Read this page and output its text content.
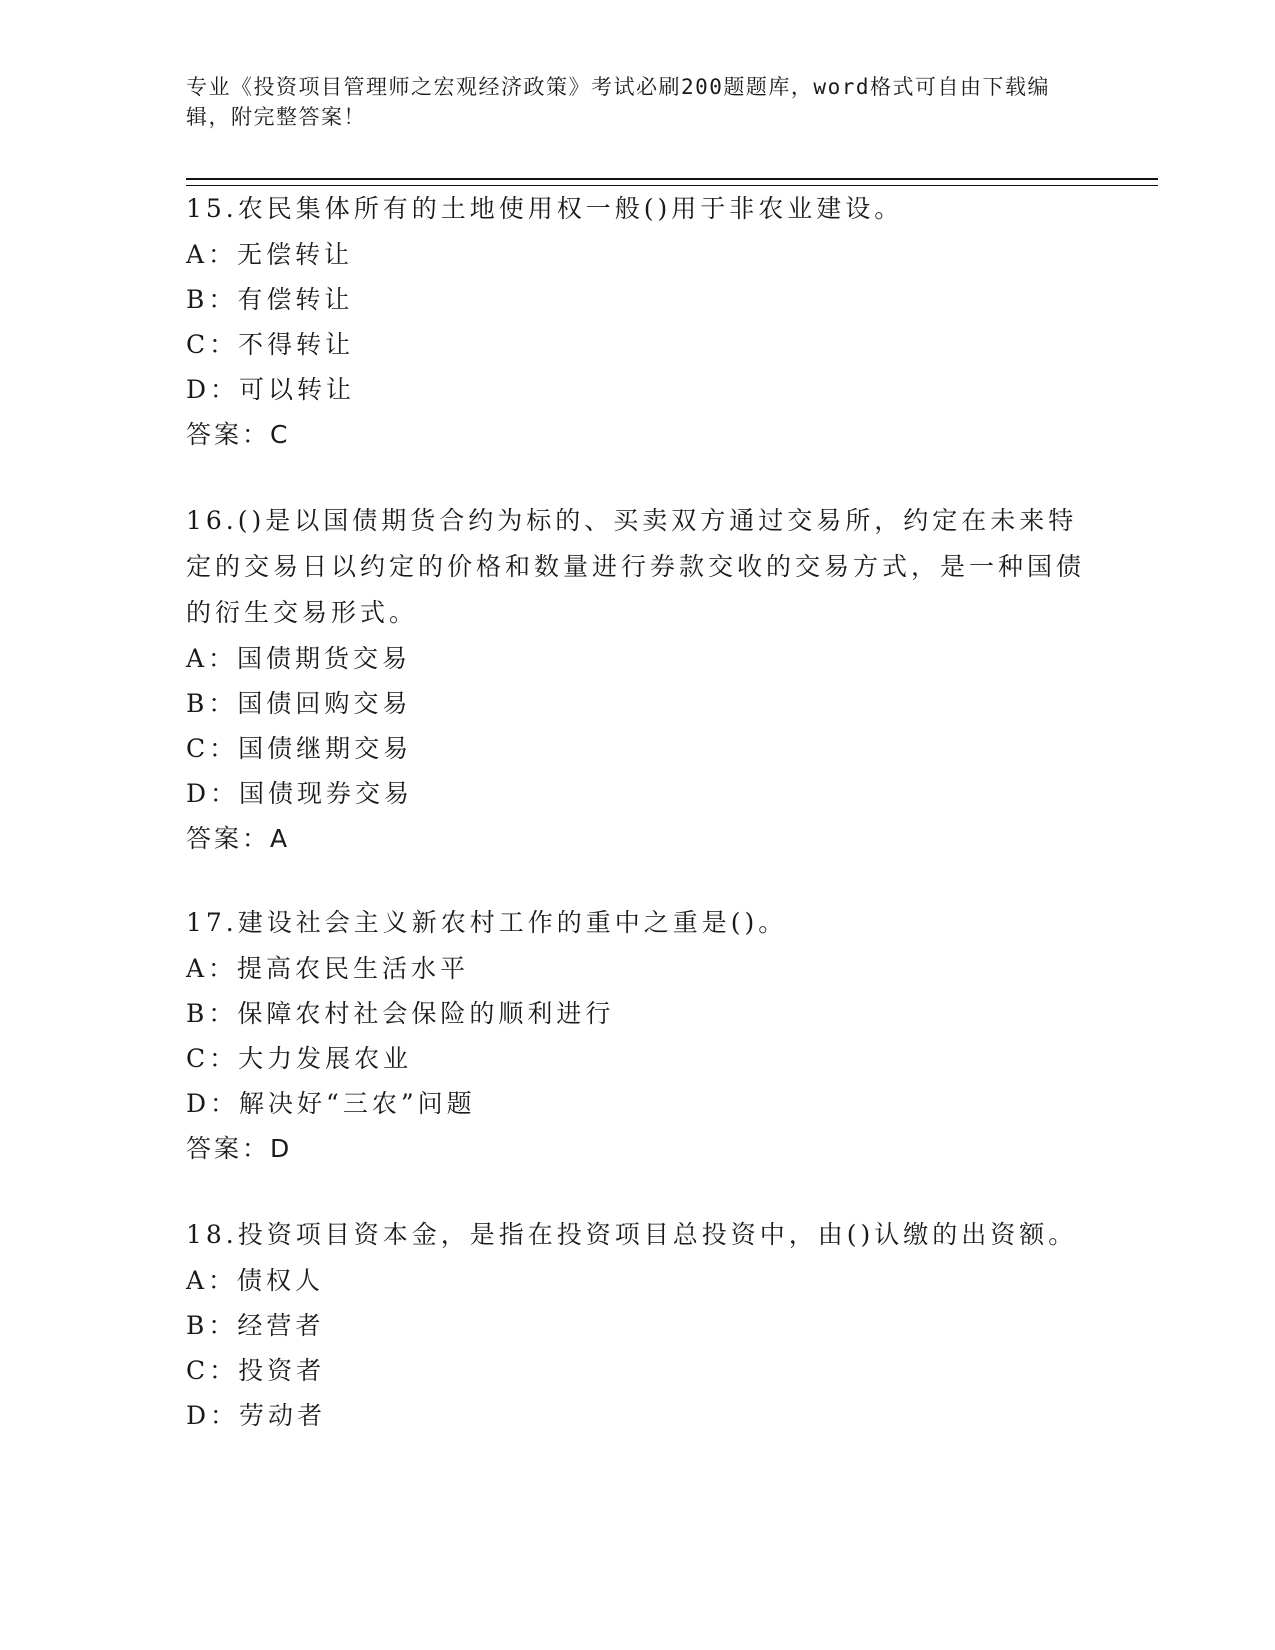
专业《投资项目管理师之宏观经济政策》考试必刷200题题库，word格式可自由下载编辑，附完整答案！
15.农民集体所有的土地使用权一般()用于非农业建设。
A：无偿转让
B：有偿转让
C：不得转让
D：可以转让
答案：C
16.()是以国债期货合约为标的、买卖双方通过交易所，约定在未来特定的交易日以约定的价格和数量进行券款交收的交易方式，是一种国债的衍生交易形式。
A：国债期货交易
B：国债回购交易
C：国债继期交易
D：国债现券交易
答案：A
17.建设社会主义新农村工作的重中之重是()。
A：提高农民生活水平
B：保障农村社会保险的顺利进行
C：大力发展农业
D：解决好“三农”问题
答案：D
18.投资项目资本金，是指在投资项目总投资中，由()认缴的出资额。
A：债权人
B：经营者
C：投资者
D：劳动者
